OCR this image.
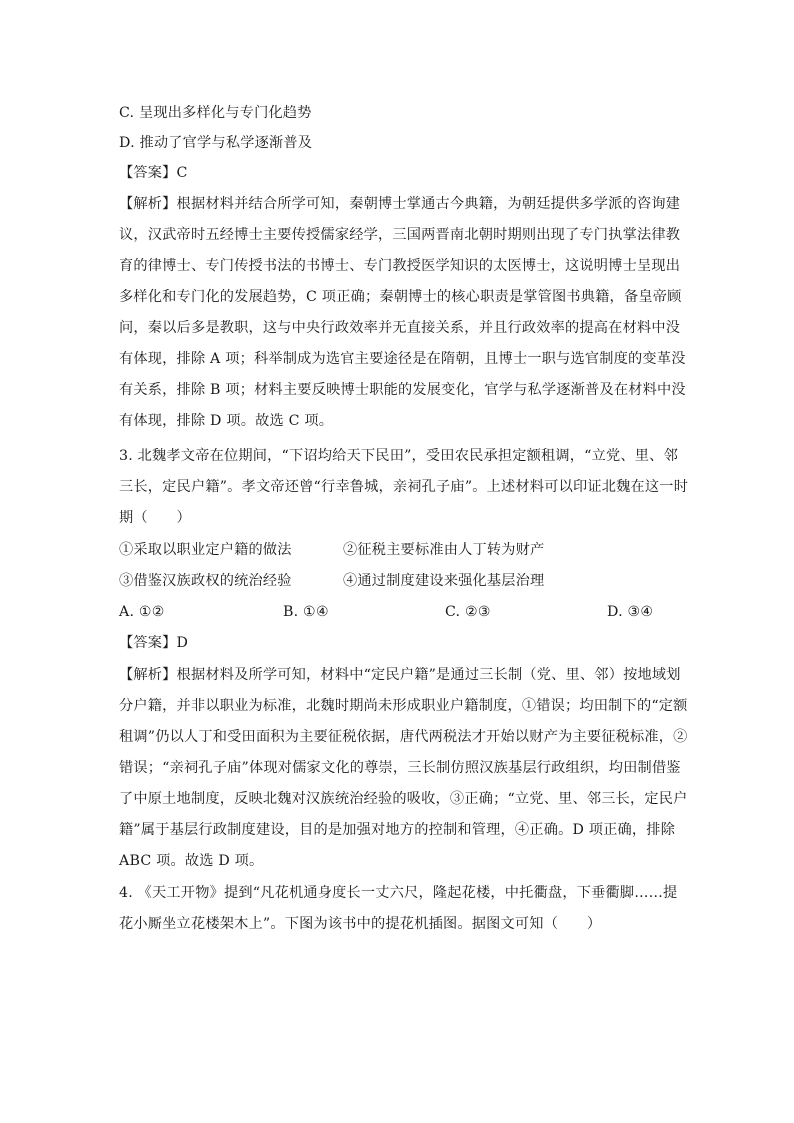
C. 呈现出多样化与专门化趋势
D. 推动了官学与私学逐渐普及
【答案】C
【解析】根据材料并结合所学可知，秦朝博士掌通古今典籍，为朝廷提供多学派的咨询建
议，汉武帝时五经博士主要传授儒家经学，三国两晋南北朝时期则出现了专门执掌法律教
育的律博士、专门传授书法的书博士、专门教授医学知识的太医博士，这说明博士呈现出
多样化和专门化的发展趋势，C 项正确；秦朝博士的核心职责是掌管图书典籍，备皇帝顾
问，秦以后多是教职，这与中央行政效率并无直接关系，并且行政效率的提高在材料中没
有体现，排除 A 项；科举制成为选官主要途径是在隋朝，且博士一职与选官制度的变革没
有关系，排除 B 项；材料主要反映博士职能的发展变化，官学与私学逐渐普及在材料中没
有体现，排除 D 项。故选 C 项。
3. 北魏孝文帝在位期间，“下诏均给天下民田”，受田农民承担定额租调，“立党、里、邻
三长，定民户籍”。孝文帝还曾“行幸鲁城，亲祠孔子庙”。上述材料可以印证北魏在这一时
期（　　）
①采取以职业定户籍的做法	②征税主要标准由人丁转为财产
③借鉴汉族政权的统治经验	④通过制度建设来强化基层治理
A. ①②	B. ①④	C. ②③	D. ③④
【答案】D
【解析】根据材料及所学可知，材料中“定民户籍”是通过三长制（党、里、邻）按地域划
分户籍，并非以职业为标准，北魏时期尚未形成职业户籍制度，①错误；均田制下的“定额
租调”仍以人丁和受田面积为主要征税依据，唐代两税法才开始以财产为主要征税标准，②
错误；“亲祠孔子庙”体现对儒家文化的尊崇，三长制仿照汉族基层行政组织，均田制借鉴
了中原土地制度，反映北魏对汉族统治经验的吸收，③正确；“立党、里、邻三长，定民户
籍”属于基层行政制度建设，目的是加强对地方的控制和管理，④正确。D 项正确，排除
ABC 项。故选 D 项。
4. 《天工开物》提到“凡花机通身度长一丈六尺，隆起花楼，中托衢盘，下垂衢脚……提
花小厮坐立花楼架木上”。下图为该书中的提花机插图。据图文可知（　　）
